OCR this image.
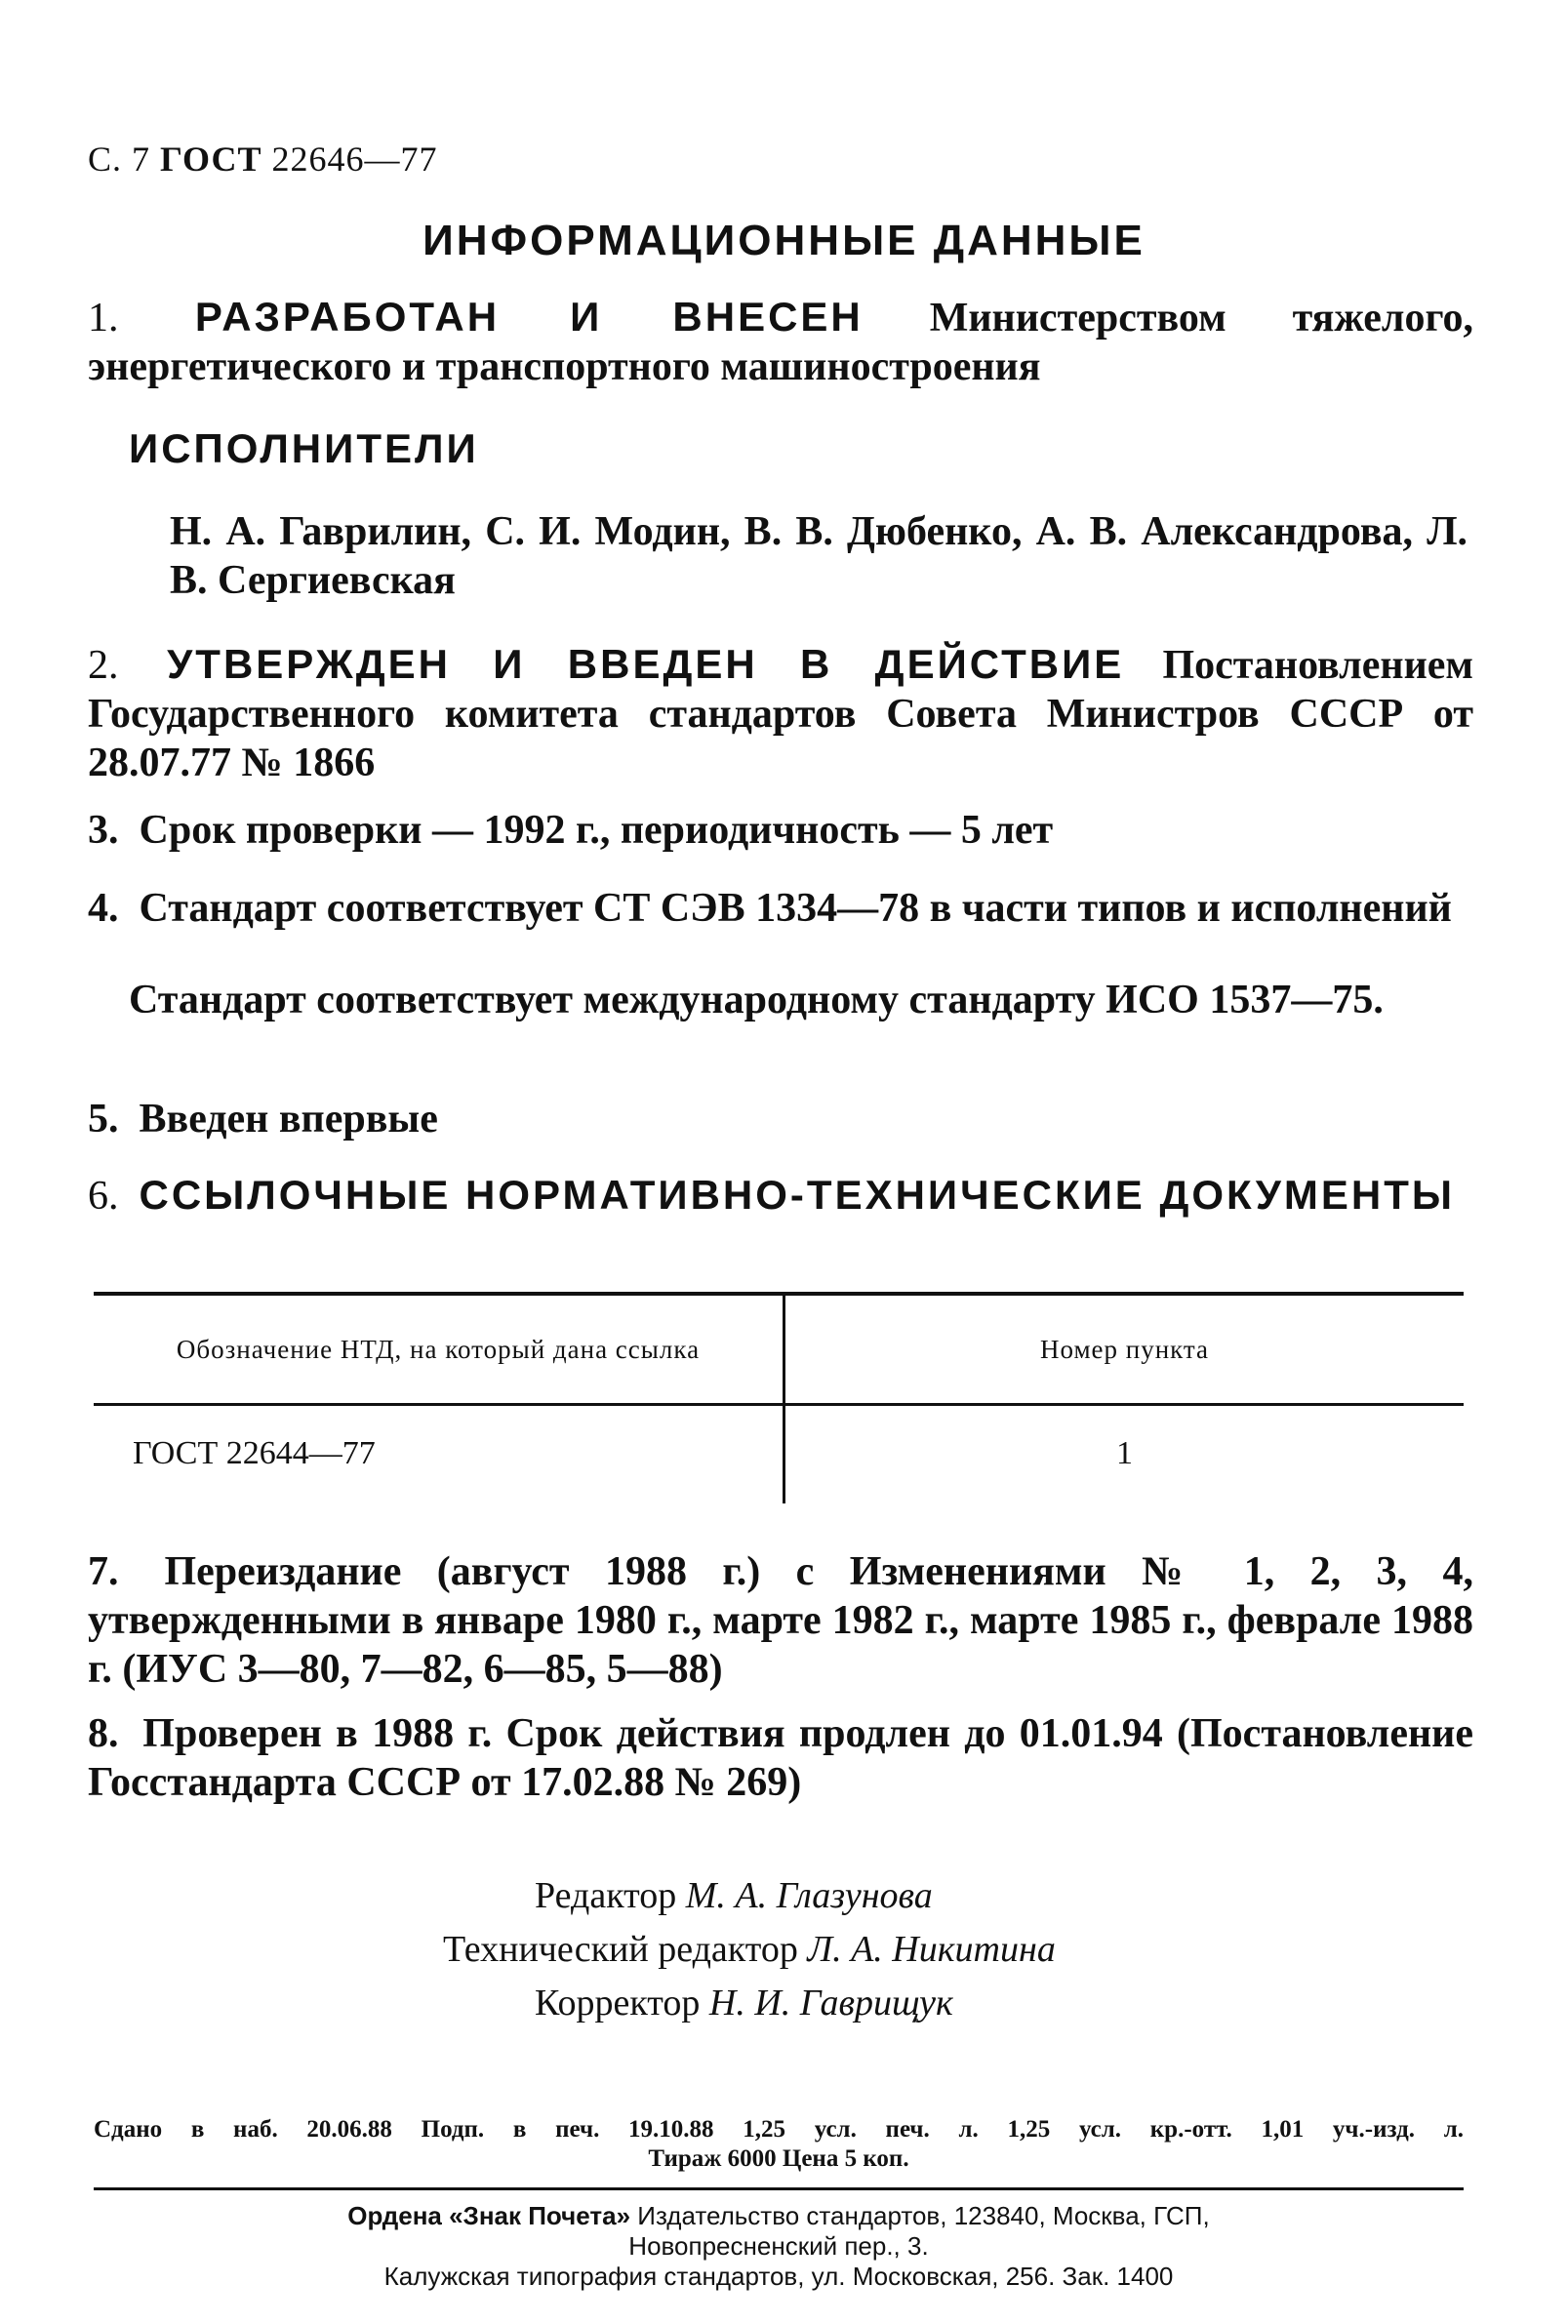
С. 7 ГОСТ 22646—77
ИНФОРМАЦИОННЫЕ ДАННЫЕ
1. РАЗРАБОТАН И ВНЕСЕН Министерством тяжелого, энергетического и транспортного машиностроения
ИСПОЛНИТЕЛИ
Н. А. Гаврилин, С. И. Модин, В. В. Дюбенко, А. В. Александрова, Л. В. Сергиевская
2. УТВЕРЖДЕН И ВВЕДЕН В ДЕЙСТВИЕ Постановлением Государственного комитета стандартов Совета Министров СССР от 28.07.77 № 1866
3. Срок проверки — 1992 г., периодичность — 5 лет
4. Стандарт соответствует СТ СЭВ 1334—78 в части типов и исполнений
Стандарт соответствует международному стандарту ИСО 1537—75.
5. Введен впервые
6. ССЫЛОЧНЫЕ НОРМАТИВНО-ТЕХНИЧЕСКИЕ ДОКУМЕНТЫ
Обозначение НТД, на который дана ссылка	Номер пункта
ГОСТ 22644—77	1
7. Переиздание (август 1988 г.) с Изменениями № 1, 2, 3, 4, утвержденными в январе 1980 г., марте 1982 г., марте 1985 г., феврале 1988 г. (ИУС 3—80, 7—82, 6—85, 5—88)
8. Проверен в 1988 г. Срок действия продлен до 01.01.94 (Постановление Госстандарта СССР от 17.02.88 № 269)
Редактор М. А. Глазунова
Технический редактор Л. А. Никитина
Корректор Н. И. Гаврищук
Сдано в наб. 20.06.88 Подп. в печ. 19.10.88 1,25 усл. печ. л. 1,25 усл. кр.-отт. 1,01 уч.-изд. л.
Тираж 6000 Цена 5 коп.
Ордена «Знак Почета» Издательство стандартов, 123840, Москва, ГСП,
Новопресненский пер., 3.
Калужская типография стандартов, ул. Московская, 256. Зак. 1400
